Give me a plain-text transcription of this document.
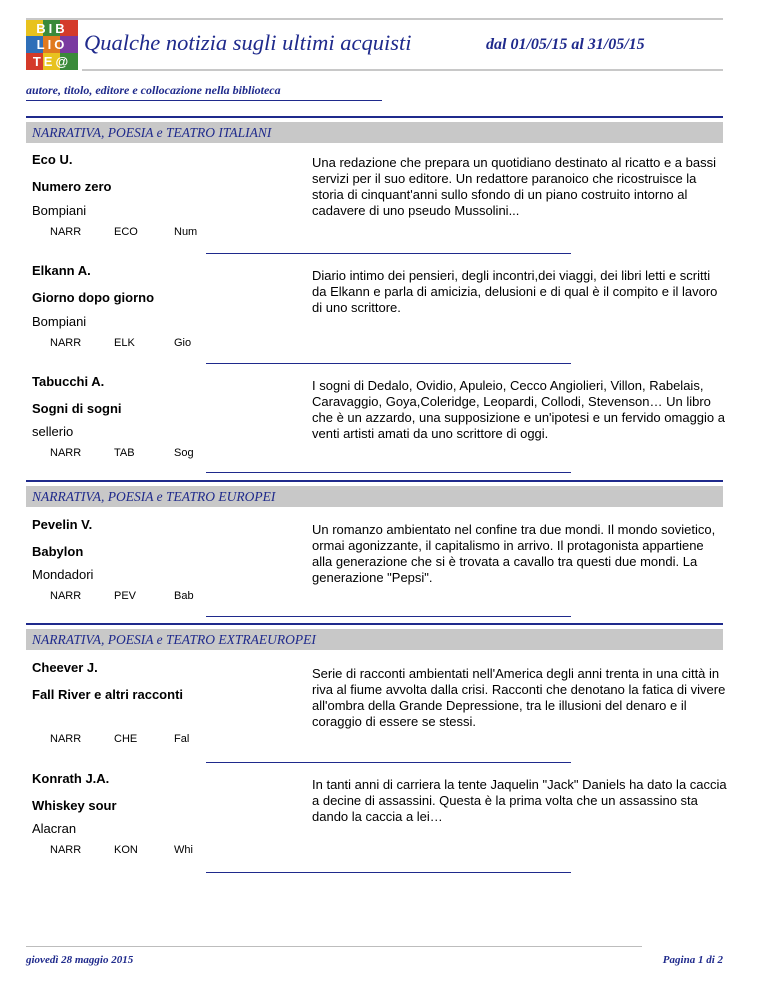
BIB
LIO
TE@
Qualche notizia sugli ultimi acquisti	dal 01/05/15 al 31/05/15
autore, titolo, editore e collocazione nella biblioteca
NARRATIVA, POESIA e TEATRO ITALIANI
Eco U.
Numero zero
Bompiani
NARR	ECO	Num
Una redazione che prepara un quotidiano destinato al ricatto e a bassi servizi per il suo editore. Un redattore paranoico che ricostruisce la storia di cinquant'anni sullo sfondo di un piano costruito intorno al cadavere di uno pseudo Mussolini...
Elkann A.
Giorno dopo giorno
Bompiani
NARR	ELK	Gio
Diario intimo dei pensieri, degli incontri,dei viaggi, dei libri letti e scritti da Elkann e parla di amicizia, delusioni e di qual è il compito e il lavoro di uno scrittore.
Tabucchi A.
Sogni di sogni
sellerio
NARR	TAB	Sog
I sogni di Dedalo, Ovidio, Apuleio, Cecco Angiolieri, Villon, Rabelais, Caravaggio, Goya,Coleridge, Leopardi, Collodi, Stevenson… Un libro che è un azzardo, una supposizione e un'ipotesi e un fervido omaggio a venti artisti amati da uno scrittore di oggi.
NARRATIVA, POESIA e TEATRO EUROPEI
Pevelin V.
Babylon
Mondadori
NARR	PEV	Bab
Un romanzo ambientato nel confine tra due mondi. Il mondo sovietico, ormai agonizzante, il capitalismo in arrivo. Il protagonista appartiene alla generazione che si è trovata a cavallo tra questi due mondi. La generazione "Pepsi".
NARRATIVA, POESIA e TEATRO EXTRAEUROPEI
Cheever J.
Fall River e altri racconti
NARR	CHE	Fal
Serie di racconti ambientati nell'America degli anni trenta in una città in riva al fiume avvolta dalla crisi. Racconti che denotano la fatica di vivere all'ombra della Grande Depressione, tra le illusioni del denaro e il coraggio di essere se stessi.
Konrath J.A.
Whiskey sour
Alacran
NARR	KON	Whi
In tanti anni di carriera la tente Jaquelin "Jack" Daniels ha dato la caccia a decine di assassini. Questa è la prima volta che un assassino sta dando la caccia a lei…
giovedì 28 maggio 2015	Pagina 1 di 2
